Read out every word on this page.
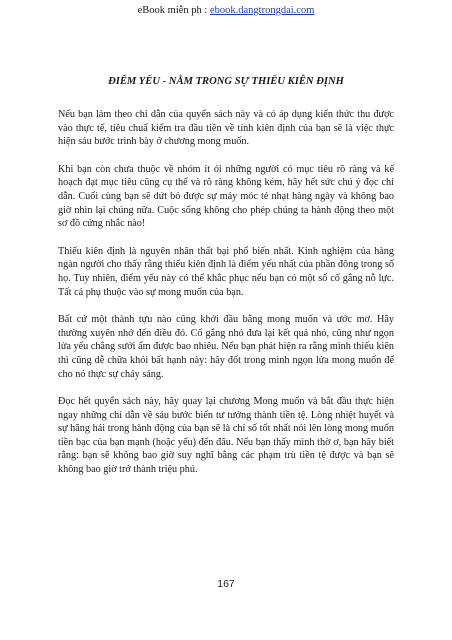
eBook miễn ph : ebook.dangtrongdai.com
ĐIỂM YẾU - NẰM TRONG SỰ THIẾU KIÊN ĐỊNH

Nếu bạn làm theo chỉ dẫn của quyển sách này và có áp dụng kiến thức thu được vào thực tế, tiêu chuẩ kiểm tra đầu tiên về tính kiên định của bạn sẽ là việc thực hiện sáu bước trình bày ở chương mong muốn.

Khi bạn còn chưa thuộc về nhóm ít ỏi những người có mục tiêu rõ ràng và kế hoạch đạt mục tiêu cũng cụ thể và rõ ràng không kém, hãy hết sức chú ý đọc chỉ dẫn. Cuối cùng bạn sẽ dứt bỏ được sự máy móc tẻ nhạt hàng ngày và không bao giờ nhìn lại chúng nữa. Cuộc sống không cho phép chúng ta hành động theo một sơ đồ cứng nhắc nào!

Thiếu kiên định là nguyên nhân thất bại phổ biến nhất. Kinh nghiệm của hàng ngàn người cho thấy rằng thiếu kiên định là điểm yếu nhất của phần đông trong số họ. Tuy nhiên, điểm yếu này có thể khắc phục nếu bạn có một số cố gắng nỗ lực. Tất cả phụ thuộc vào sự mong muốn của bạn.

Bất cứ một thành tựu nào cũng khởi đầu bằng mong muốn và ước mơ. Hãy thường xuyên nhớ đến điều đó. Cố gắng nhỏ đưa lại kết quả nhỏ, cũng như ngọn lửa yếu chẳng sưởi ấm được bao nhiêu. Nếu bạn phát hiện ra rằng mình thiếu kiên thì cũng dễ chữa khỏi bất hạnh này: hãy đốt trong mình ngọn lửa mong muốn để cho nó thực sự cháy sáng.

Đọc hết quyển sách này, hãy quay lại chương Mong muốn và bắt đầu thực hiện ngay những chỉ dẫn về sáu bước biến tư tưởng thành tiền tệ. Lòng nhiệt huyết và sự hăng hái trong hành động của bạn sẽ là chỉ số tốt nhất nói lên lòng mong muốn tiền bạc của bạn mạnh (hoặc yếu) đến đâu. Nếu bạn thấy mình thờ ơ, bạn hãy biết rằng: bạn sẽ không bao giờ suy nghĩ bằng các phạm trù tiền tệ được và bạn sẽ không bao giờ trở thành triệu phú.

167
